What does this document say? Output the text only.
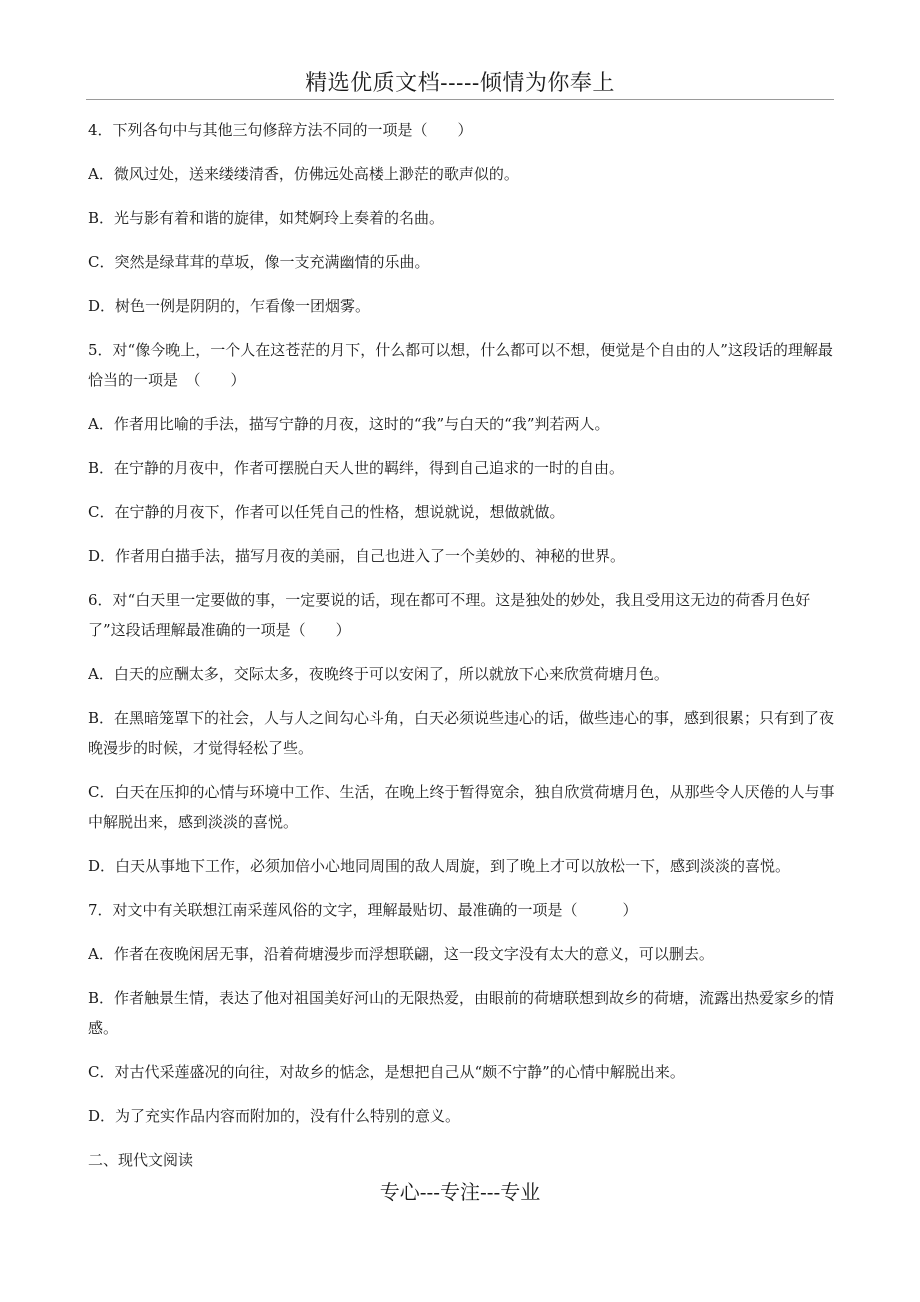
精选优质文档-----倾情为你奉上
4．下列各句中与其他三句修辞方法不同的一项是（　　）
A．微风过处，送来缕缕清香，仿佛远处高楼上渺茫的歌声似的。
B．光与影有着和谐的旋律，如梵婀玲上奏着的名曲。
C．突然是绿茸茸的草坂，像一支充满幽情的乐曲。
D．树色一例是阴阴的，乍看像一团烟雾。
5．对“像今晚上，一个人在这苍茫的月下，什么都可以想，什么都可以不想，便觉是个自由的人”这段话的理解最恰当的一项是　（　　）
A．作者用比喻的手法，描写宁静的月夜，这时的“我”与白天的“我”判若两人。
B．在宁静的月夜中，作者可摆脱白天人世的羁绊，得到自己追求的一时的自由。
C．在宁静的月夜下，作者可以任凭自己的性格，想说就说，想做就做。
D．作者用白描手法，描写月夜的美丽，自己也进入了一个美妙的、神秘的世界。
6．对“白天里一定要做的事，一定要说的话，现在都可不理。这是独处的妙处，我且受用这无边的荷香月色好了”这段话理解最准确的一项是（　　）
A．白天的应酬太多，交际太多，夜晚终于可以安闲了，所以就放下心来欣赏荷塘月色。
B．在黑暗笼罩下的社会，人与人之间勾心斗角，白天必须说些违心的话，做些违心的事，感到很累；只有到了夜晚漫步的时候，才觉得轻松了些。
C．白天在压抑的心情与环境中工作、生活，在晚上终于暂得宽余，独自欣赏荷塘月色，从那些令人厌倦的人与事中解脱出来，感到淡淡的喜悦。
D．白天从事地下工作，必须加倍小心地同周围的敌人周旋，到了晚上才可以放松一下，感到淡淡的喜悦。
7．对文中有关联想江南采莲风俗的文字，理解最贴切、最准确的一项是（　　　）
A．作者在夜晚闲居无事，沿着荷塘漫步而浮想联翩，这一段文字没有太大的意义，可以删去。
B．作者触景生情，表达了他对祖国美好河山的无限热爱，由眼前的荷塘联想到故乡的荷塘，流露出热爱家乡的情感。
C．对古代采莲盛况的向往，对故乡的惦念，是想把自己从“颇不宁静”的心情中解脱出来。
D．为了充实作品内容而附加的，没有什么特别的意义。
二、现代文阅读
专心---专注---专业
